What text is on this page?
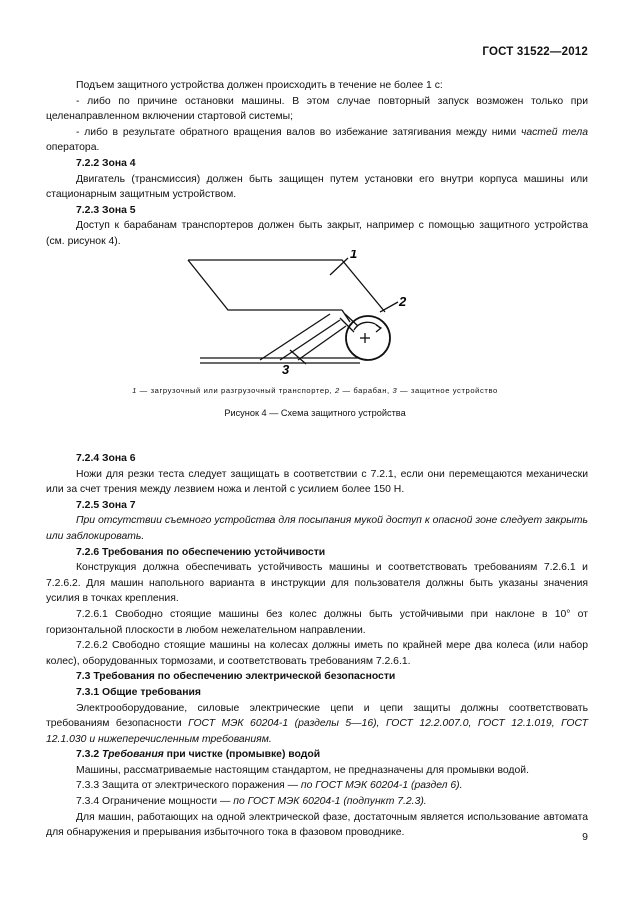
ГОСТ 31522—2012

Подъем защитного устройства должен происходить в течение не более 1 с:

- либо по причине остановки машины. В этом случае повторный запуск возможен только при целенаправленном включении стартовой системы;

- либо в результате обратного вращения валов во избежание затягивания между ними частей тела оператора.

7.2.2 Зона 4

Двигатель (трансмиссия) должен быть защищен путем установки его внутри корпуса машины или стационарным защитным устройством.

7.2.3 Зона 5

Доступ к барабанам транспортеров должен быть закрыт, например с помощью защитного устройства (см. рисунок 4).

1
2
3
1 — загрузочный или разгрузочный транспортер, 2 — барабан, 3 — защитное устройство
Рисунок 4 — Схема защитного устройства

7.2.4 Зона 6

Ножи для резки теста следует защищать в соответствии с 7.2.1, если они перемещаются механически или за счет трения между лезвием ножа и лентой с усилием более 150 Н.

7.2.5 Зона 7

При отсутствии съемного устройства для посыпания мукой доступ к опасной зоне следует закрыть или заблокировать.

7.2.6 Требования по обеспечению устойчивости

Конструкция должна обеспечивать устойчивость машины и соответствовать требованиям 7.2.6.1 и 7.2.6.2. Для машин напольного варианта в инструкции для пользователя должны быть указаны значения усилия в точках крепления.

7.2.6.1 Свободно стоящие машины без колес должны быть устойчивыми при наклоне в 10° от горизонтальной плоскости в любом нежелательном направлении.

7.2.6.2 Свободно стоящие машины на колесах должны иметь по крайней мере два колеса (или набор колес), оборудованных тормозами, и соответствовать требованиям 7.2.6.1.

7.3 Требования по обеспечению электрической безопасности

7.3.1 Общие требования

Электрооборудование, силовые электрические цепи и цепи защиты должны соответствовать требованиям безопасности ГОСТ МЭК 60204-1 (разделы 5—16), ГОСТ 12.2.007.0, ГОСТ 12.1.019, ГОСТ 12.1.030 и нижеперечисленным требованиям.

7.3.2 Требования при чистке (промывке) водой

Машины, рассматриваемые настоящим стандартом, не предназначены для промывки водой.

7.3.3 Защита от электрического поражения — по ГОСТ МЭК 60204-1 (раздел 6).

7.3.4 Ограничение мощности — по ГОСТ МЭК 60204-1 (подпункт 7.2.3).

Для машин, работающих на одной электрической фазе, достаточным является использование автомата для обнаружения и прерывания избыточного тока в фазовом проводнике.	9
